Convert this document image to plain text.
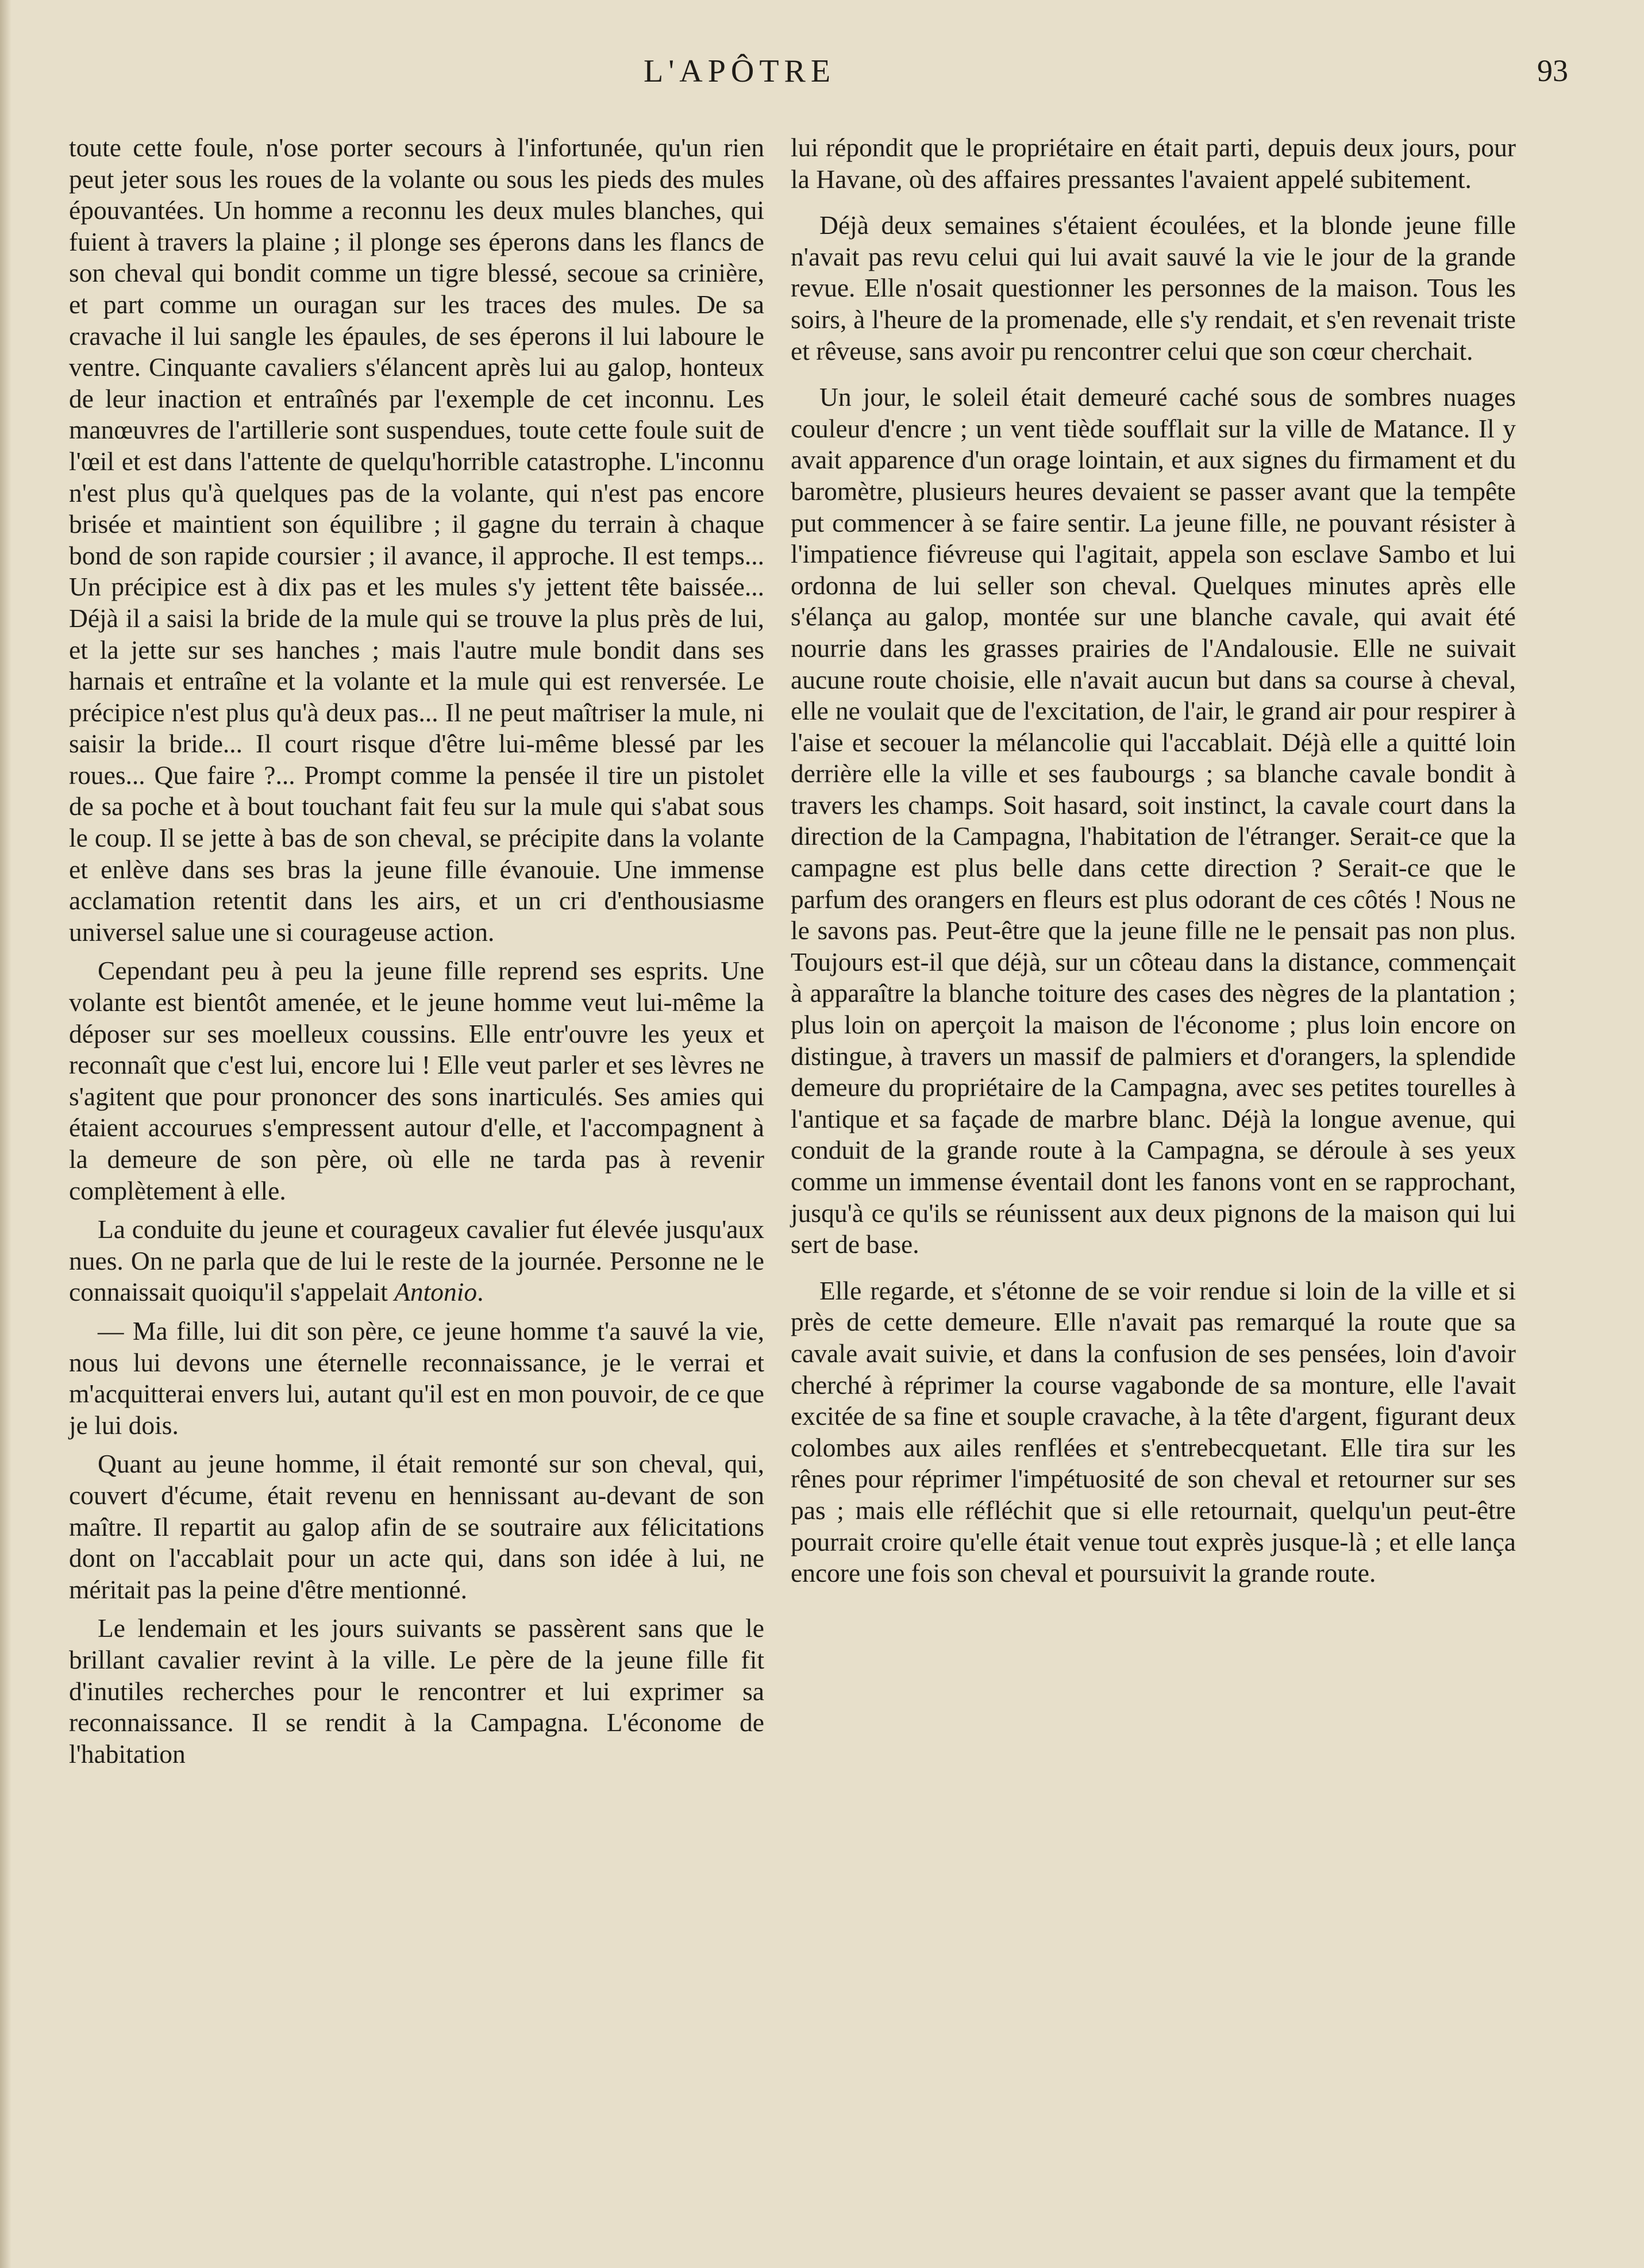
L'APÔTRE	93

toute cette foule, n'ose porter secours à l'infortunée, qu'un rien peut jeter sous les roues de la volante ou sous les pieds des mules épouvantées. Un homme a reconnu les deux mules blanches, qui fuient à travers la plaine ; il plonge ses éperons dans les flancs de son cheval qui bondit comme un tigre blessé, secoue sa crinière, et part comme un ouragan sur les traces des mules. De sa cravache il lui sangle les épaules, de ses éperons il lui laboure le ventre. Cinquante cavaliers s'élancent après lui au galop, honteux de leur inaction et entraînés par l'exemple de cet inconnu. Les manœuvres de l'artillerie sont suspendues, toute cette foule suit de l'œil et est dans l'attente de quelqu'horrible catastrophe. L'inconnu n'est plus qu'à quelques pas de la volante, qui n'est pas encore brisée et maintient son équilibre ; il gagne du terrain à chaque bond de son rapide coursier ; il avance, il approche. Il est temps... Un précipice est à dix pas et les mules s'y jettent tête baissée... Déjà il a saisi la bride de la mule qui se trouve la plus près de lui, et la jette sur ses hanches ; mais l'autre mule bondit dans ses harnais et entraîne et la volante et la mule qui est renversée. Le précipice n'est plus qu'à deux pas... Il ne peut maîtriser la mule, ni saisir la bride... Il court risque d'être lui-même blessé par les roues... Que faire ?... Prompt comme la pensée il tire un pistolet de sa poche et à bout touchant fait feu sur la mule qui s'abat sous le coup. Il se jette à bas de son cheval, se précipite dans la volante et enlève dans ses bras la jeune fille évanouie. Une immense acclamation retentit dans les airs, et un cri d'enthousiasme universel salue une si courageuse action.

Cependant peu à peu la jeune fille reprend ses esprits. Une volante est bientôt amenée, et le jeune homme veut lui-même la déposer sur ses moelleux coussins. Elle entr'ouvre les yeux et reconnaît que c'est lui, encore lui ! Elle veut parler et ses lèvres ne s'agitent que pour prononcer des sons inarticulés. Ses amies qui étaient accourues s'empressent autour d'elle, et l'accompagnent à la demeure de son père, où elle ne tarda pas à revenir complètement à elle.

La conduite du jeune et courageux cavalier fut élevée jusqu'aux nues. On ne parla que de lui le reste de la journée. Personne ne le connaissait quoiqu'il s'appelait Antonio.

— Ma fille, lui dit son père, ce jeune homme t'a sauvé la vie, nous lui devons une éternelle reconnaissance, je le verrai et m'acquitterai envers lui, autant qu'il est en mon pouvoir, de ce que je lui dois.

Quant au jeune homme, il était remonté sur son cheval, qui, couvert d'écume, était revenu en hennissant au-devant de son maître. Il repartit au galop afin de se soutraire aux félicitations dont on l'accablait pour un acte qui, dans son idée à lui, ne méritait pas la peine d'être mentionné.

Le lendemain et les jours suivants se passèrent sans que le brillant cavalier revint à la ville. Le père de la jeune fille fit d'inutiles recherches pour le rencontrer et lui exprimer sa reconnaissance. Il se rendit à la Campagna. L'économe de l'habitation

lui répondit que le propriétaire en était parti, depuis deux jours, pour la Havane, où des affaires pressantes l'avaient appelé subitement.

Déjà deux semaines s'étaient écoulées, et la blonde jeune fille n'avait pas revu celui qui lui avait sauvé la vie le jour de la grande revue. Elle n'osait questionner les personnes de la maison. Tous les soirs, à l'heure de la promenade, elle s'y rendait, et s'en revenait triste et rêveuse, sans avoir pu rencontrer celui que son cœur cherchait.

Un jour, le soleil était demeuré caché sous de sombres nuages couleur d'encre ; un vent tiède soufflait sur la ville de Matance. Il y avait apparence d'un orage lointain, et aux signes du firmament et du baromètre, plusieurs heures devaient se passer avant que la tempête put commencer à se faire sentir. La jeune fille, ne pouvant résister à l'impatience fiévreuse qui l'agitait, appela son esclave Sambo et lui ordonna de lui seller son cheval. Quelques minutes après elle s'élança au galop, montée sur une blanche cavale, qui avait été nourrie dans les grasses prairies de l'Andalousie. Elle ne suivait aucune route choisie, elle n'avait aucun but dans sa course à cheval, elle ne voulait que de l'excitation, de l'air, le grand air pour respirer à l'aise et secouer la mélancolie qui l'accablait. Déjà elle a quitté loin derrière elle la ville et ses faubourgs ; sa blanche cavale bondit à travers les champs. Soit hasard, soit instinct, la cavale court dans la direction de la Campagna, l'habitation de l'étranger. Serait-ce que la campagne est plus belle dans cette direction ? Serait-ce que le parfum des orangers en fleurs est plus odorant de ces côtés ! Nous ne le savons pas. Peut-être que la jeune fille ne le pensait pas non plus. Toujours est-il que déjà, sur un côteau dans la distance, commençait à apparaître la blanche toiture des cases des nègres de la plantation ; plus loin on aperçoit la maison de l'économe ; plus loin encore on distingue, à travers un massif de palmiers et d'orangers, la splendide demeure du propriétaire de la Campagna, avec ses petites tourelles à l'antique et sa façade de marbre blanc. Déjà la longue avenue, qui conduit de la grande route à la Campagna, se déroule à ses yeux comme un immense éventail dont les fanons vont en se rapprochant, jusqu'à ce qu'ils se réunissent aux deux pignons de la maison qui lui sert de base.

Elle regarde, et s'étonne de se voir rendue si loin de la ville et si près de cette demeure. Elle n'avait pas remarqué la route que sa cavale avait suivie, et dans la confusion de ses pensées, loin d'avoir cherché à réprimer la course vagabonde de sa monture, elle l'avait excitée de sa fine et souple cravache, à la tête d'argent, figurant deux colombes aux ailes renflées et s'entrebecquetant. Elle tira sur les rênes pour réprimer l'impétuosité de son cheval et retourner sur ses pas ; mais elle réfléchit que si elle retournait, quelqu'un peut-être pourrait croire qu'elle était venue tout exprès jusque-là ; et elle lança encore une fois son cheval et poursuivit la grande route.
